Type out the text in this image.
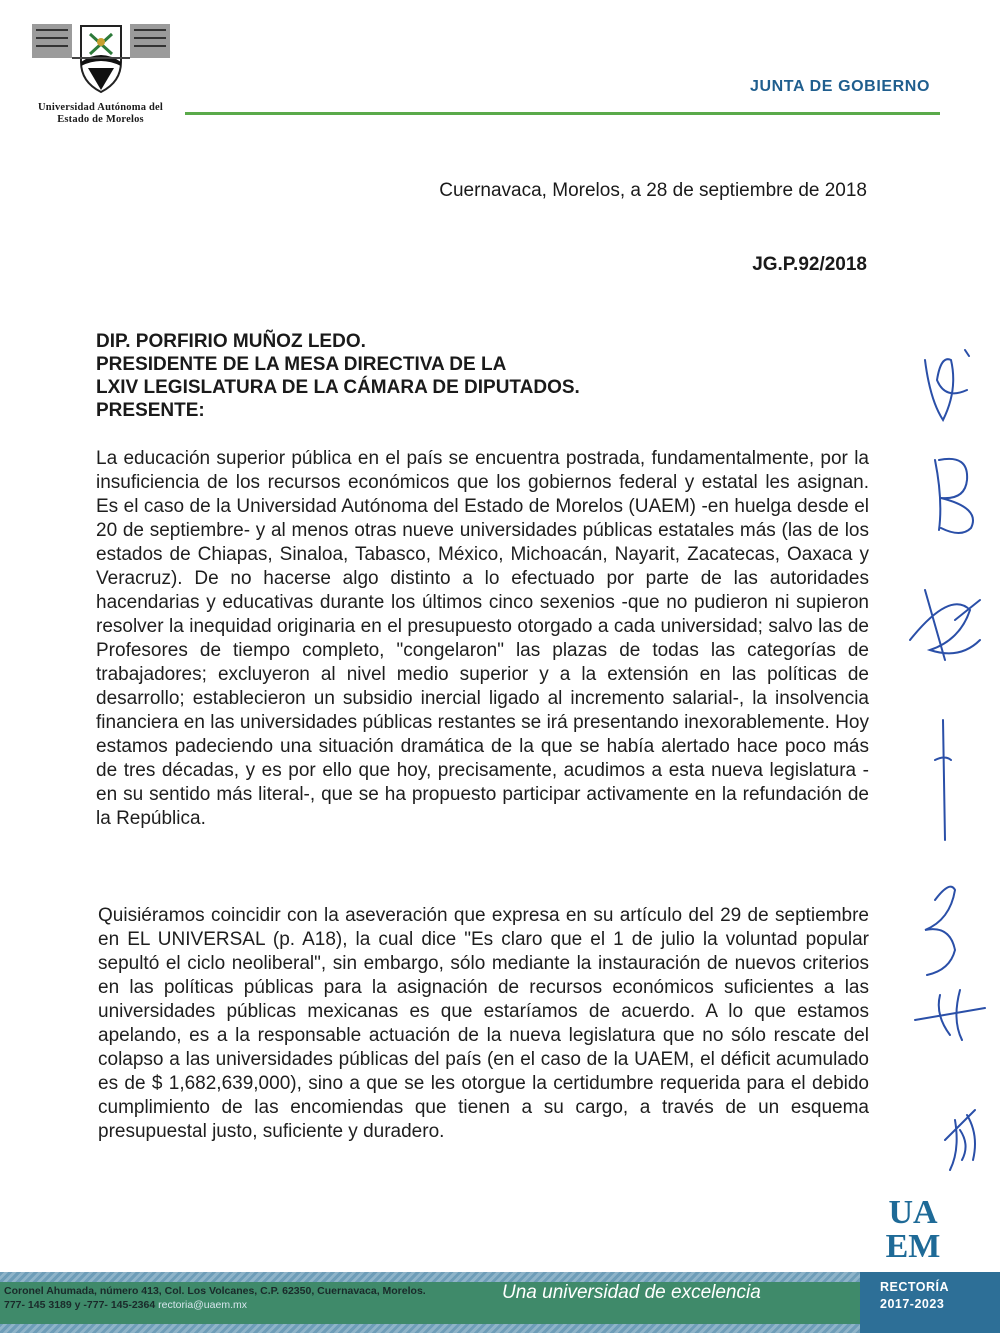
Universidad Autónoma del
Estado de Morelos
JUNTA DE GOBIERNO
Cuernavaca, Morelos, a 28 de septiembre de 2018
JG.P.92/2018
DIP. PORFIRIO MUÑOZ LEDO.
PRESIDENTE DE LA MESA DIRECTIVA DE LA
LXIV LEGISLATURA DE LA CÁMARA DE DIPUTADOS.
PRESENTE:
La educación superior pública en el país se encuentra postrada, fundamentalmente, por la insuficiencia de los recursos económicos que los gobiernos federal y estatal les asignan. Es el caso de la Universidad Autónoma del Estado de Morelos (UAEM) -en huelga desde el 20 de septiembre- y al menos otras nueve universidades públicas estatales más (las de los estados de Chiapas, Sinaloa, Tabasco, México, Michoacán, Nayarit, Zacatecas, Oaxaca y Veracruz). De no hacerse algo distinto a lo efectuado por parte de las autoridades hacendarias y educativas durante los últimos cinco sexenios -que no pudieron ni supieron resolver la inequidad originaria en el presupuesto otorgado a cada universidad; salvo las de Profesores de tiempo completo, "congelaron" las plazas de todas las categorías de trabajadores; excluyeron al nivel medio superior y a la extensión en las políticas de desarrollo; establecieron un subsidio inercial ligado al incremento salarial-, la insolvencia financiera en las universidades públicas restantes se irá presentando inexorablemente. Hoy estamos padeciendo una situación dramática de la que se había alertado hace poco más de tres décadas, y es por ello que hoy, precisamente, acudimos a esta nueva legislatura -en su sentido más literal-, que se ha propuesto participar activamente en la refundación de la República.
Quisiéramos coincidir con la aseveración que expresa en su artículo del 29 de septiembre en EL UNIVERSAL (p. A18), la cual dice "Es claro que el 1 de julio la voluntad popular sepultó el ciclo neoliberal", sin embargo, sólo mediante la instauración de nuevos criterios en las políticas públicas para la asignación de recursos económicos suficientes a las universidades públicas mexicanas es que estaríamos de acuerdo. A lo que estamos apelando, es a la responsable actuación de la nueva legislatura que no sólo rescate del colapso a las universidades públicas del país (en el caso de la UAEM, el déficit acumulado es de $ 1,682,639,000), sino a que se les otorgue la certidumbre requerida para el debido cumplimiento de las encomiendas que tienen a su cargo, a través de un esquema presupuestal justo, suficiente y duradero.
UA
EM
Coronel Ahumada, número 413, Col. Los Volcanes, C.P. 62350, Cuernavaca, Morelos.
777- 145 3189 y -777- 145-2364 rectoria@uaem.mx
Una universidad de excelencia	RECTORÍA
2017-2023
